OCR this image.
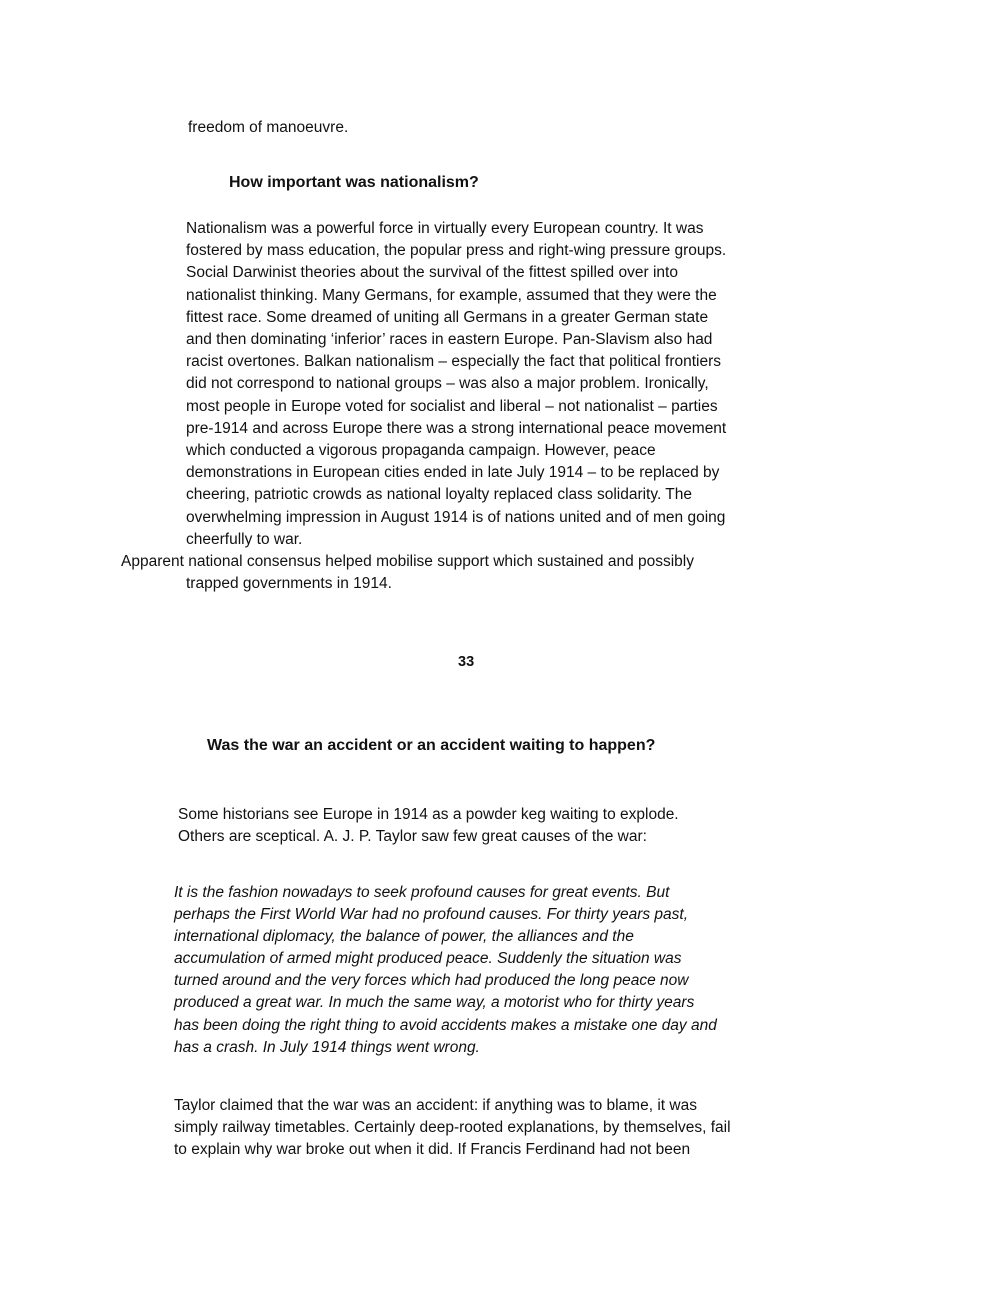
freedom of manoeuvre.

How important was nationalism?
Nationalism was a powerful force in virtually every European country. It was
fostered by mass education, the popular press and right-wing pressure groups.
Social Darwinist theories about the survival of the fittest spilled over into
nationalist thinking. Many Germans, for example, assumed that they were the
fittest race. Some dreamed of uniting all Germans in a greater German state
and then dominating ‘inferior’ races in eastern Europe. Pan-Slavism also had
racist overtones. Balkan nationalism – especially the fact that political frontiers
did not correspond to national groups – was also a major problem. Ironically,
most people in Europe voted for socialist and liberal – not nationalist – parties
pre-1914 and across Europe there was a strong international peace movement
which conducted a vigorous propaganda campaign. However, peace
demonstrations in European cities ended in late July 1914 – to be replaced by
cheering, patriotic crowds as national loyalty replaced class solidarity. The
overwhelming impression in August 1914 is of nations united and of men going
cheerfully to war.

Apparent national consensus helped mobilise support which sustained and possibly

trapped governments in 1914.

33

Was the war an accident or an accident waiting to happen?
Some historians see Europe in 1914 as a powder keg waiting to explode.
Others are sceptical. A. J. P. Taylor saw few great causes of the war:
It is the fashion nowadays to seek profound causes for great events. But
perhaps the First World War had no profound causes. For thirty years past,
international diplomacy, the balance of power, the alliances and the
accumulation of armed might produced peace. Suddenly the situation was
turned around and the very forces which had produced the long peace now
produced a great war. In much the same way, a motorist who for thirty years
has been doing the right thing to avoid accidents makes a mistake one day and
has a crash. In July 1914 things went wrong.
Taylor claimed that the war was an accident: if anything was to blame, it was
simply railway timetables. Certainly deep-rooted explanations, by themselves, fail
to explain why war broke out when it did. If Francis Ferdinand had not been
